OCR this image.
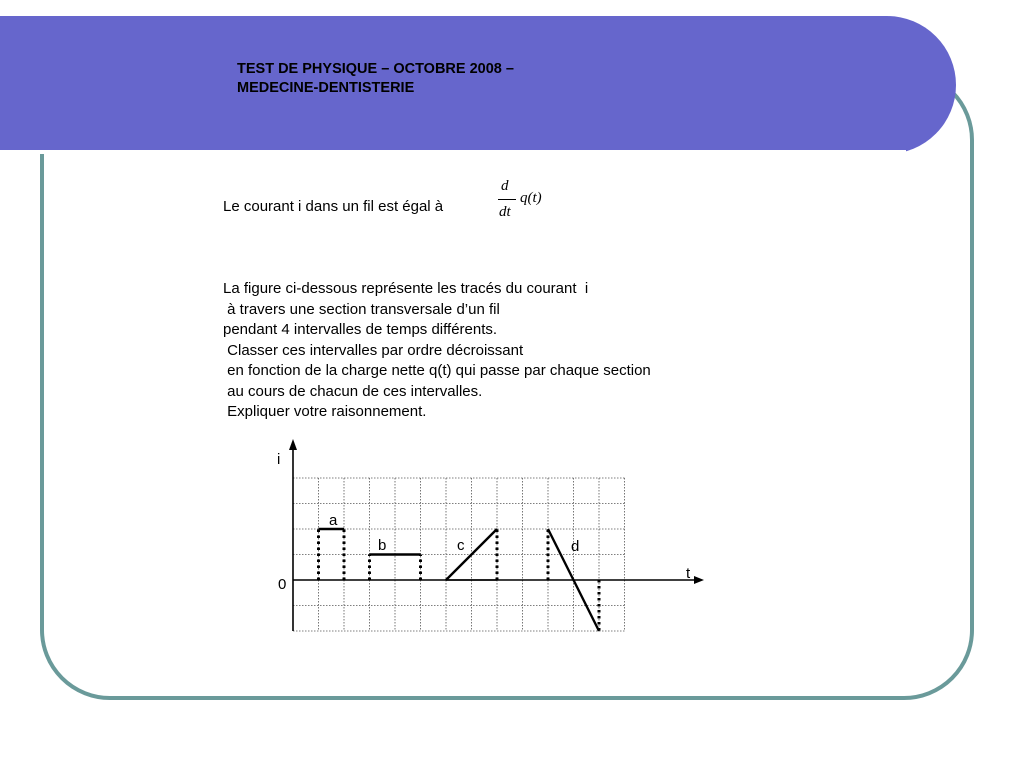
TEST DE PHYSIQUE – OCTOBRE 2008 –
MEDECINE-DENTISTERIE
Le courant i dans un fil est égal à
d
dt
q(t)
La figure ci-dessous représente les tracés du courant  i
à travers une section transversale d’un fil
pendant 4 intervalles de temps différents.
Classer ces intervalles par ordre décroissant
en fonction de la charge nette q(t) qui passe par chaque section
au cours de chacun de ces intervalles.
Expliquer votre raisonnement.
i
t
0
a
b	c	d
